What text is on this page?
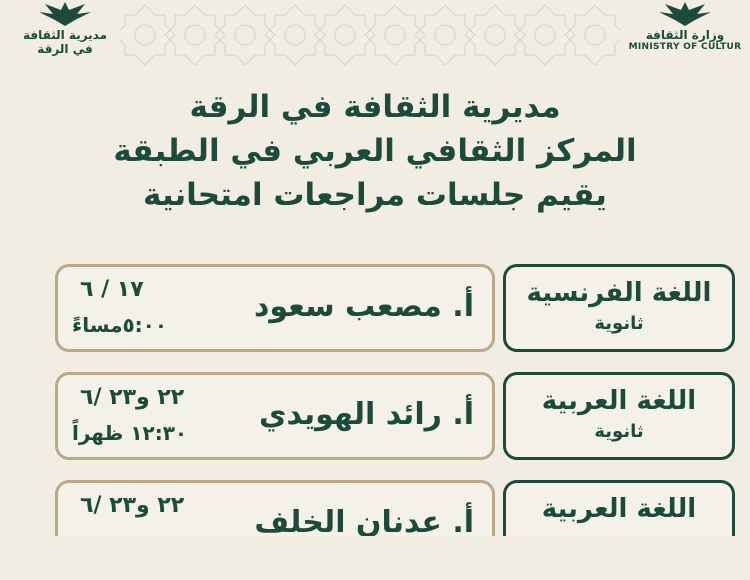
مديرية الثقافة
في الرقة
وزارة الثقافة
MINISTRY OF CULTUR
مديرية الثقافة في الرقة
المركز الثقافي العربي في الطبقة
يقيم جلسات مراجعات امتحانية
اللغة الفرنسية
ثانوية
أ. مصعب سعود
١٧ / ٦
٥:٠٠مساءً
اللغة العربية
ثانوية
أ. رائد الهويدي
٢٢ و٢٣ /٦
١٢:٣٠ ظهراً
اللغة العربية
أ. عدنان الخلف
٢٢ و٢٣ /٦
